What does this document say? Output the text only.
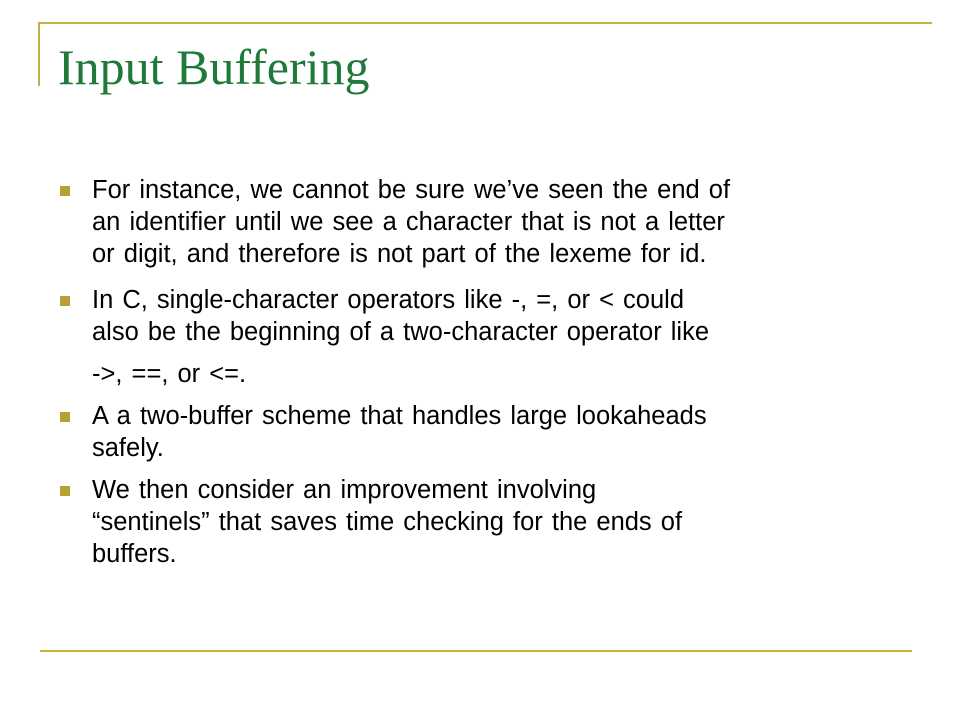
Input Buffering
For instance, we cannot be sure we’ve seen the end of
an identifier until we see a character that is not a letter
or digit, and therefore is not part of the lexeme for id.
In C, single-character operators like -, =, or < could
also be the beginning of a two-character operator like
->, ==, or <=.
A a two-buffer scheme that handles large lookaheads
safely.
We then consider an improvement involving
“sentinels” that saves time checking for the ends of
buffers.
